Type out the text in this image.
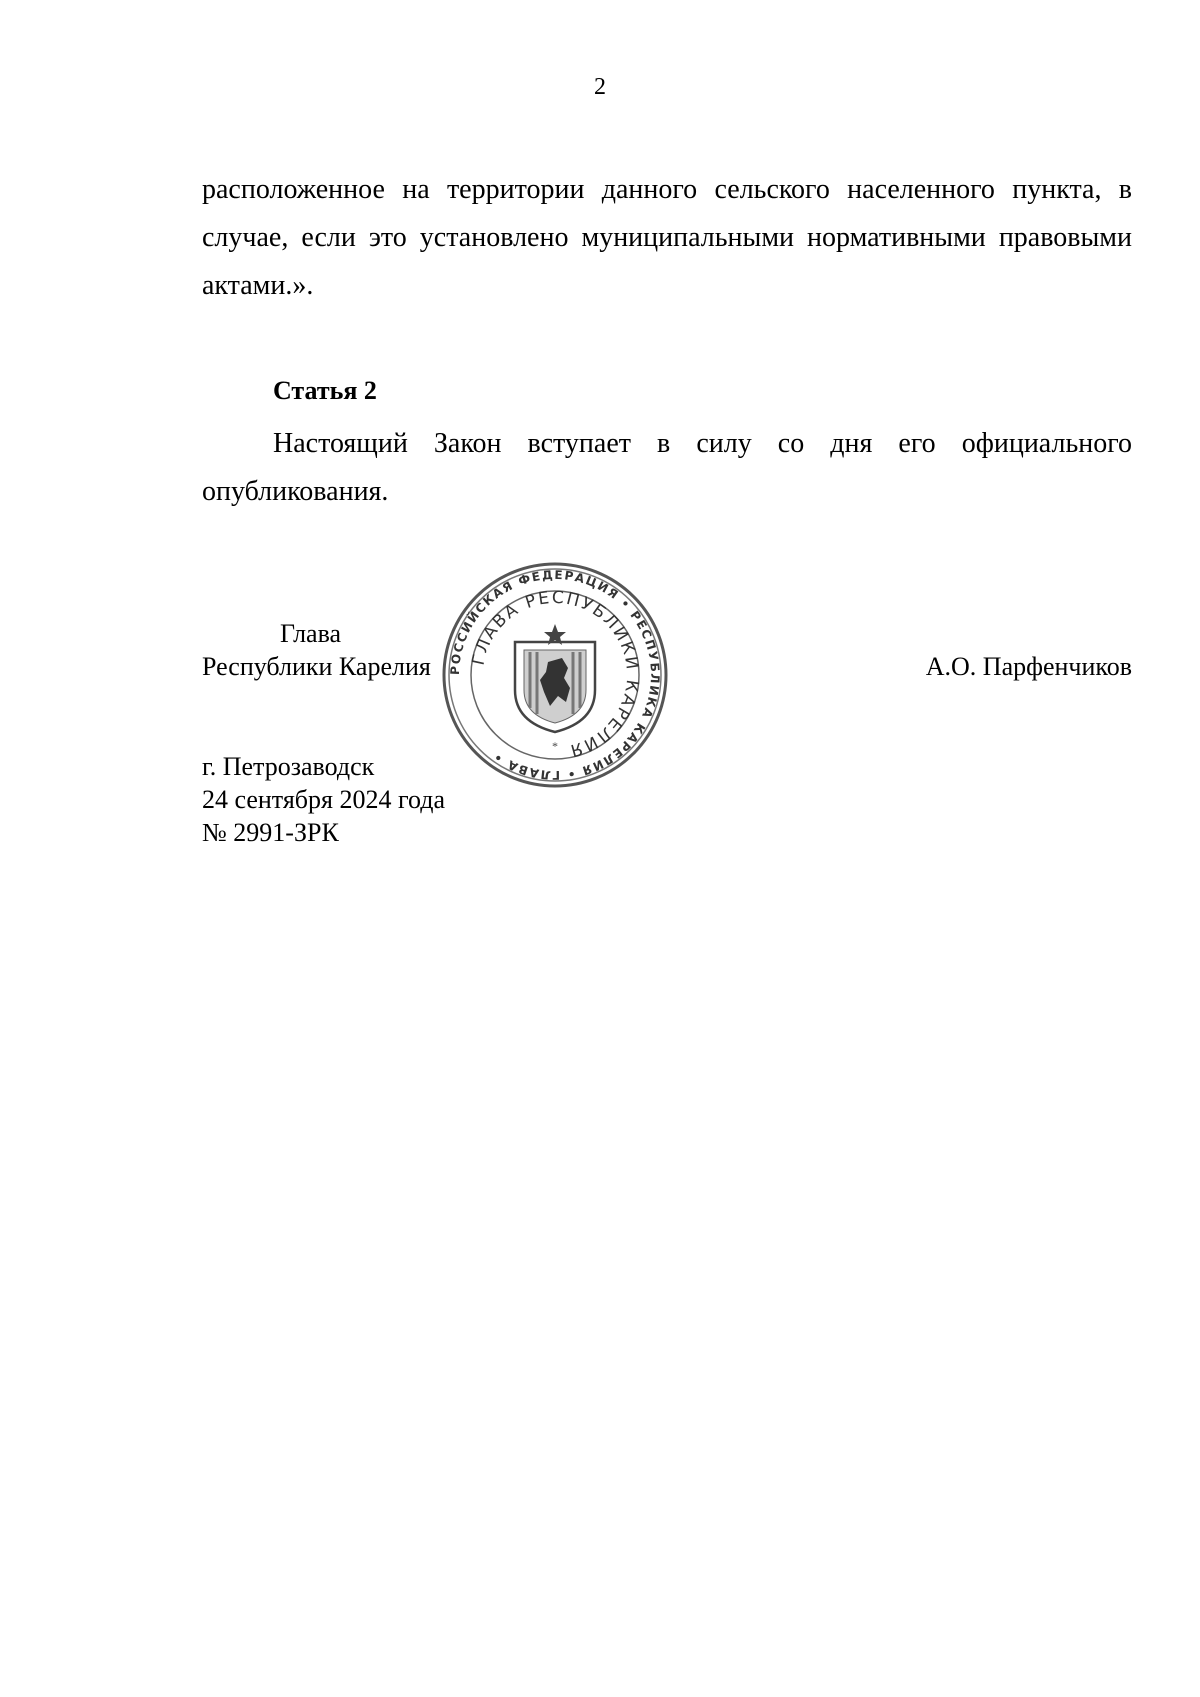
2
расположенное на территории данного сельского населенного пункта, в
случае, если это установлено муниципальными нормативными правовыми
актами.».
Статья 2
Настоящий Закон вступает в силу со дня его официального
опубликования.
Глава
Республики Карелия	А.О. Парфенчиков
РОССИЙСКАЯ ФЕДЕРАЦИЯ • РЕСПУБЛИКА КАРЕЛИЯ • ГЛАВА •
ГЛАВА РЕСПУБЛИКИ КАРЕЛИЯ
*
г. Петрозаводск
24 сентября 2024 года
№ 2991-ЗРК
